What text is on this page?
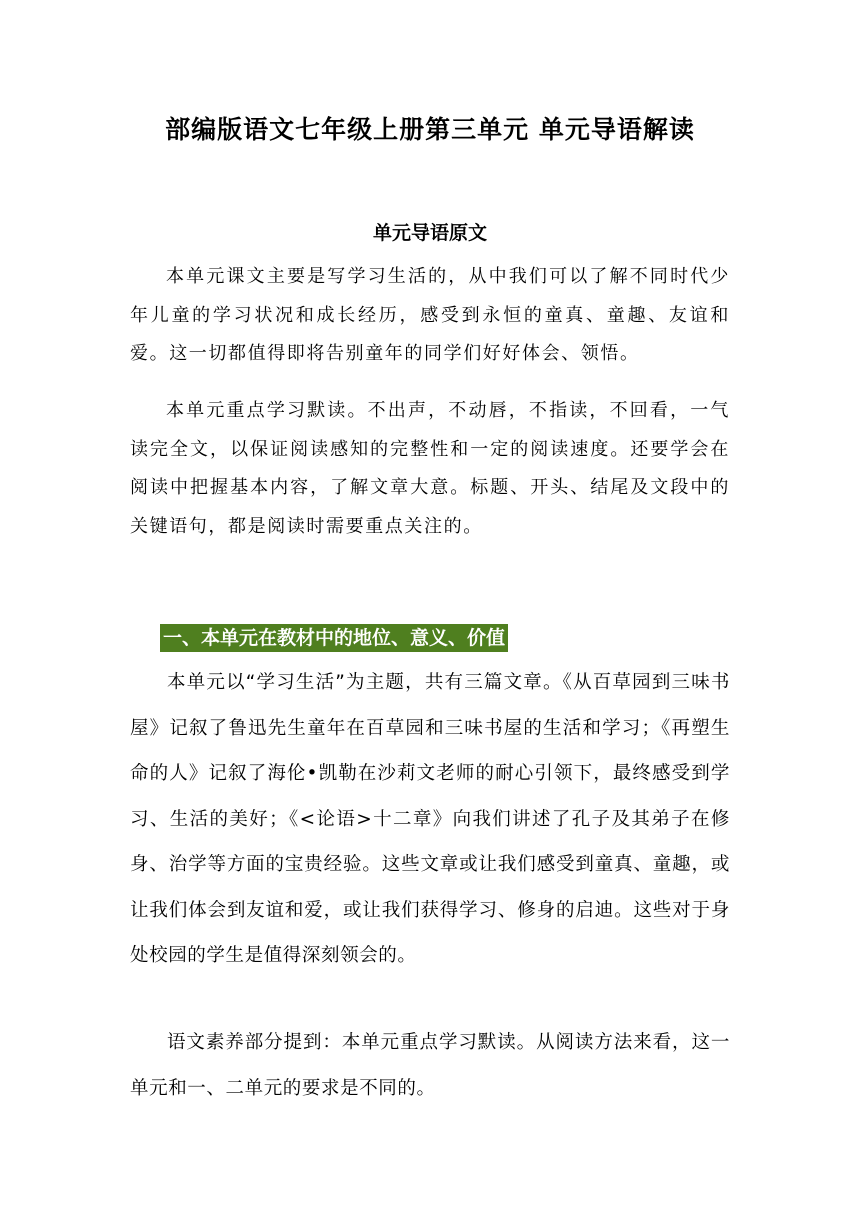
部编版语文七年级上册第三单元 单元导语解读
单元导语原文

本单元课文主要是写学习生活的，从中我们可以了解不同时代少年儿童的学习状况和成长经历，感受到永恒的童真、童趣、友谊和爱。这一切都值得即将告别童年的同学们好好体会、领悟。

本单元重点学习默读。不出声，不动唇，不指读，不回看，一气读完全文，以保证阅读感知的完整性和一定的阅读速度。还要学会在阅读中把握基本内容，了解文章大意。标题、开头、结尾及文段中的关键语句，都是阅读时需要重点关注的。

一、本单元在教材中的地位、意义、价值

本单元以“学习生活”为主题，共有三篇文章。《从百草园到三味书屋》记叙了鲁迅先生童年在百草园和三味书屋的生活和学习；《再塑生命的人》记叙了海伦•凯勒在沙莉文老师的耐心引领下，最终感受到学习、生活的美好；《<论语>十二章》向我们讲述了孔子及其弟子在修身、治学等方面的宝贵经验。这些文章或让我们感受到童真、童趣，或让我们体会到友谊和爱，或让我们获得学习、修身的启迪。这些对于身处校园的学生是值得深刻领会的。

语文素养部分提到：本单元重点学习默读。从阅读方法来看，这一单元和一、二单元的要求是不同的。
